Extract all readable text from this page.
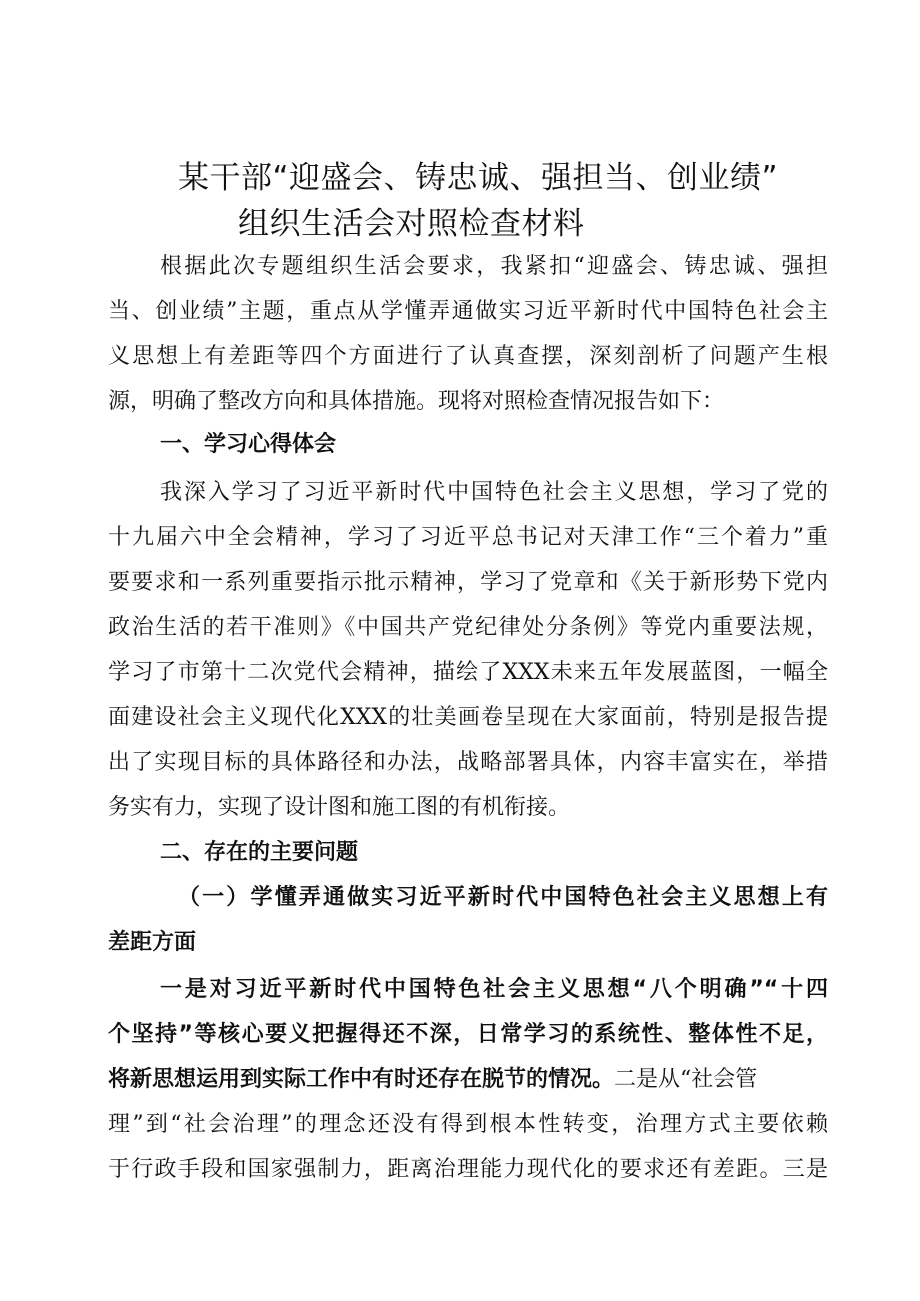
某干部“迎盛会、铸忠诚、强担当、创业绩”
组织生活会对照检查材料
根据此次专题组织生活会要求，我紧扣“迎盛会、铸忠诚、强担
当、创业绩”主题，重点从学懂弄通做实习近平新时代中国特色社会主
义思想上有差距等四个方面进行了认真查摆，深刻剖析了问题产生根
源，明确了整改方向和具体措施。现将对照检查情况报告如下：
一、学习心得体会
我深入学习了习近平新时代中国特色社会主义思想，学习了党的
十九届六中全会精神，学习了习近平总书记对天津工作“三个着力”重
要要求和一系列重要指示批示精神，学习了党章和《关于新形势下党内
政治生活的若干准则》《中国共产党纪律处分条例》等党内重要法规，
学习了市第十二次党代会精神，描绘了XXX未来五年发展蓝图，一幅全
面建设社会主义现代化XXX的壮美画卷呈现在大家面前，特别是报告提
出了实现目标的具体路径和办法，战略部署具体，内容丰富实在，举措
务实有力，实现了设计图和施工图的有机衔接。
二、存在的主要问题
（一）学懂弄通做实习近平新时代中国特色社会主义思想上有
差距方面
一是对习近平新时代中国特色社会主义思想“八个明确”“十四
个坚持”等核心要义把握得还不深，日常学习的系统性、整体性不足，
将新思想运用到实际工作中有时还存在脱节的情况。二是从“社会管
理”到“社会治理”的理念还没有得到根本性转变，治理方式主要依赖
于行政手段和国家强制力，距离治理能力现代化的要求还有差距。三是
